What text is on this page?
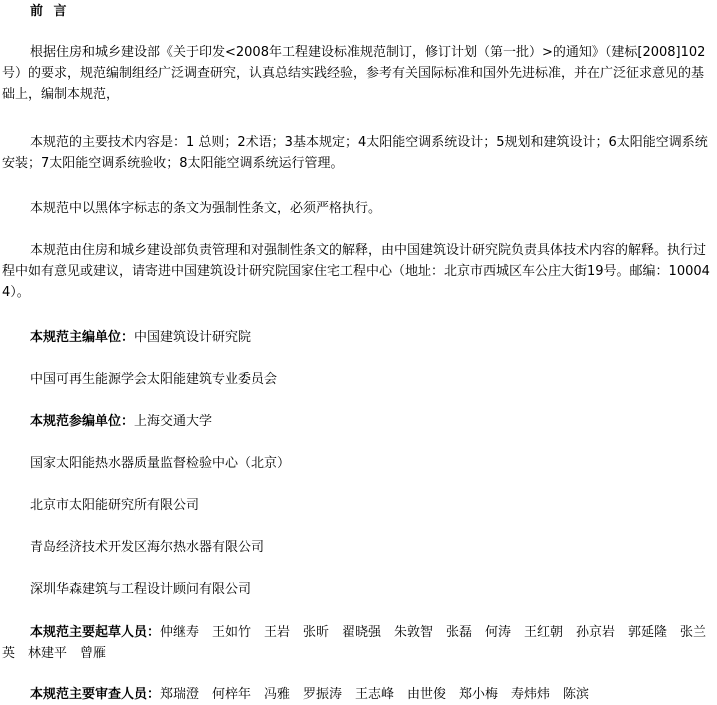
前 言

根据住房和城乡建设部《关于印发<2008年工程建设标准规范制订，修订计划（第一批）>的通知》（建标[2008]102号）的要求，规范编制组经广泛调查研究，认真总结实践经验，参考有关国际标准和国外先进标准，并在广泛征求意见的基础上，编制本规范，

本规范的主要技术内容是：1 总则；2术语；3基本规定；4太阳能空调系统设计；5规划和建筑设计；6太阳能空调系统安装；7太阳能空调系统验收；8太阳能空调系统运行管理。

本规范中以黑体字标志的条文为强制性条文，必须严格执行。

本规范由住房和城乡建设部负责管理和对强制性条文的解释，由中国建筑设计研究院负责具体技术内容的解释。执行过程中如有意见或建议，请寄进中国建筑设计研究院国家住宅工程中心（地址：北京市西城区车公庄大街19号。邮编：100044）。

本规范主编单位：中国建筑设计研究院
中国可再生能源学会太阳能建筑专业委员会
本规范参编单位：上海交通大学
国家太阳能热水器质量监督检验中心（北京）
北京市太阳能研究所有限公司
青岛经济技术开发区海尔热水器有限公司
深圳华森建筑与工程设计顾问有限公司

本规范主要起草人员：仲继寿　王如竹　王岩　张昕　翟晓强　朱敦智　张磊　何涛　王红朝　孙京岩　郭延隆　张兰英　林建平　曾雁

本规范主要审查人员：郑瑞澄　何梓年　冯雅　罗振涛　王志峰　由世俊　郑小梅　寿炜炜　陈滨
